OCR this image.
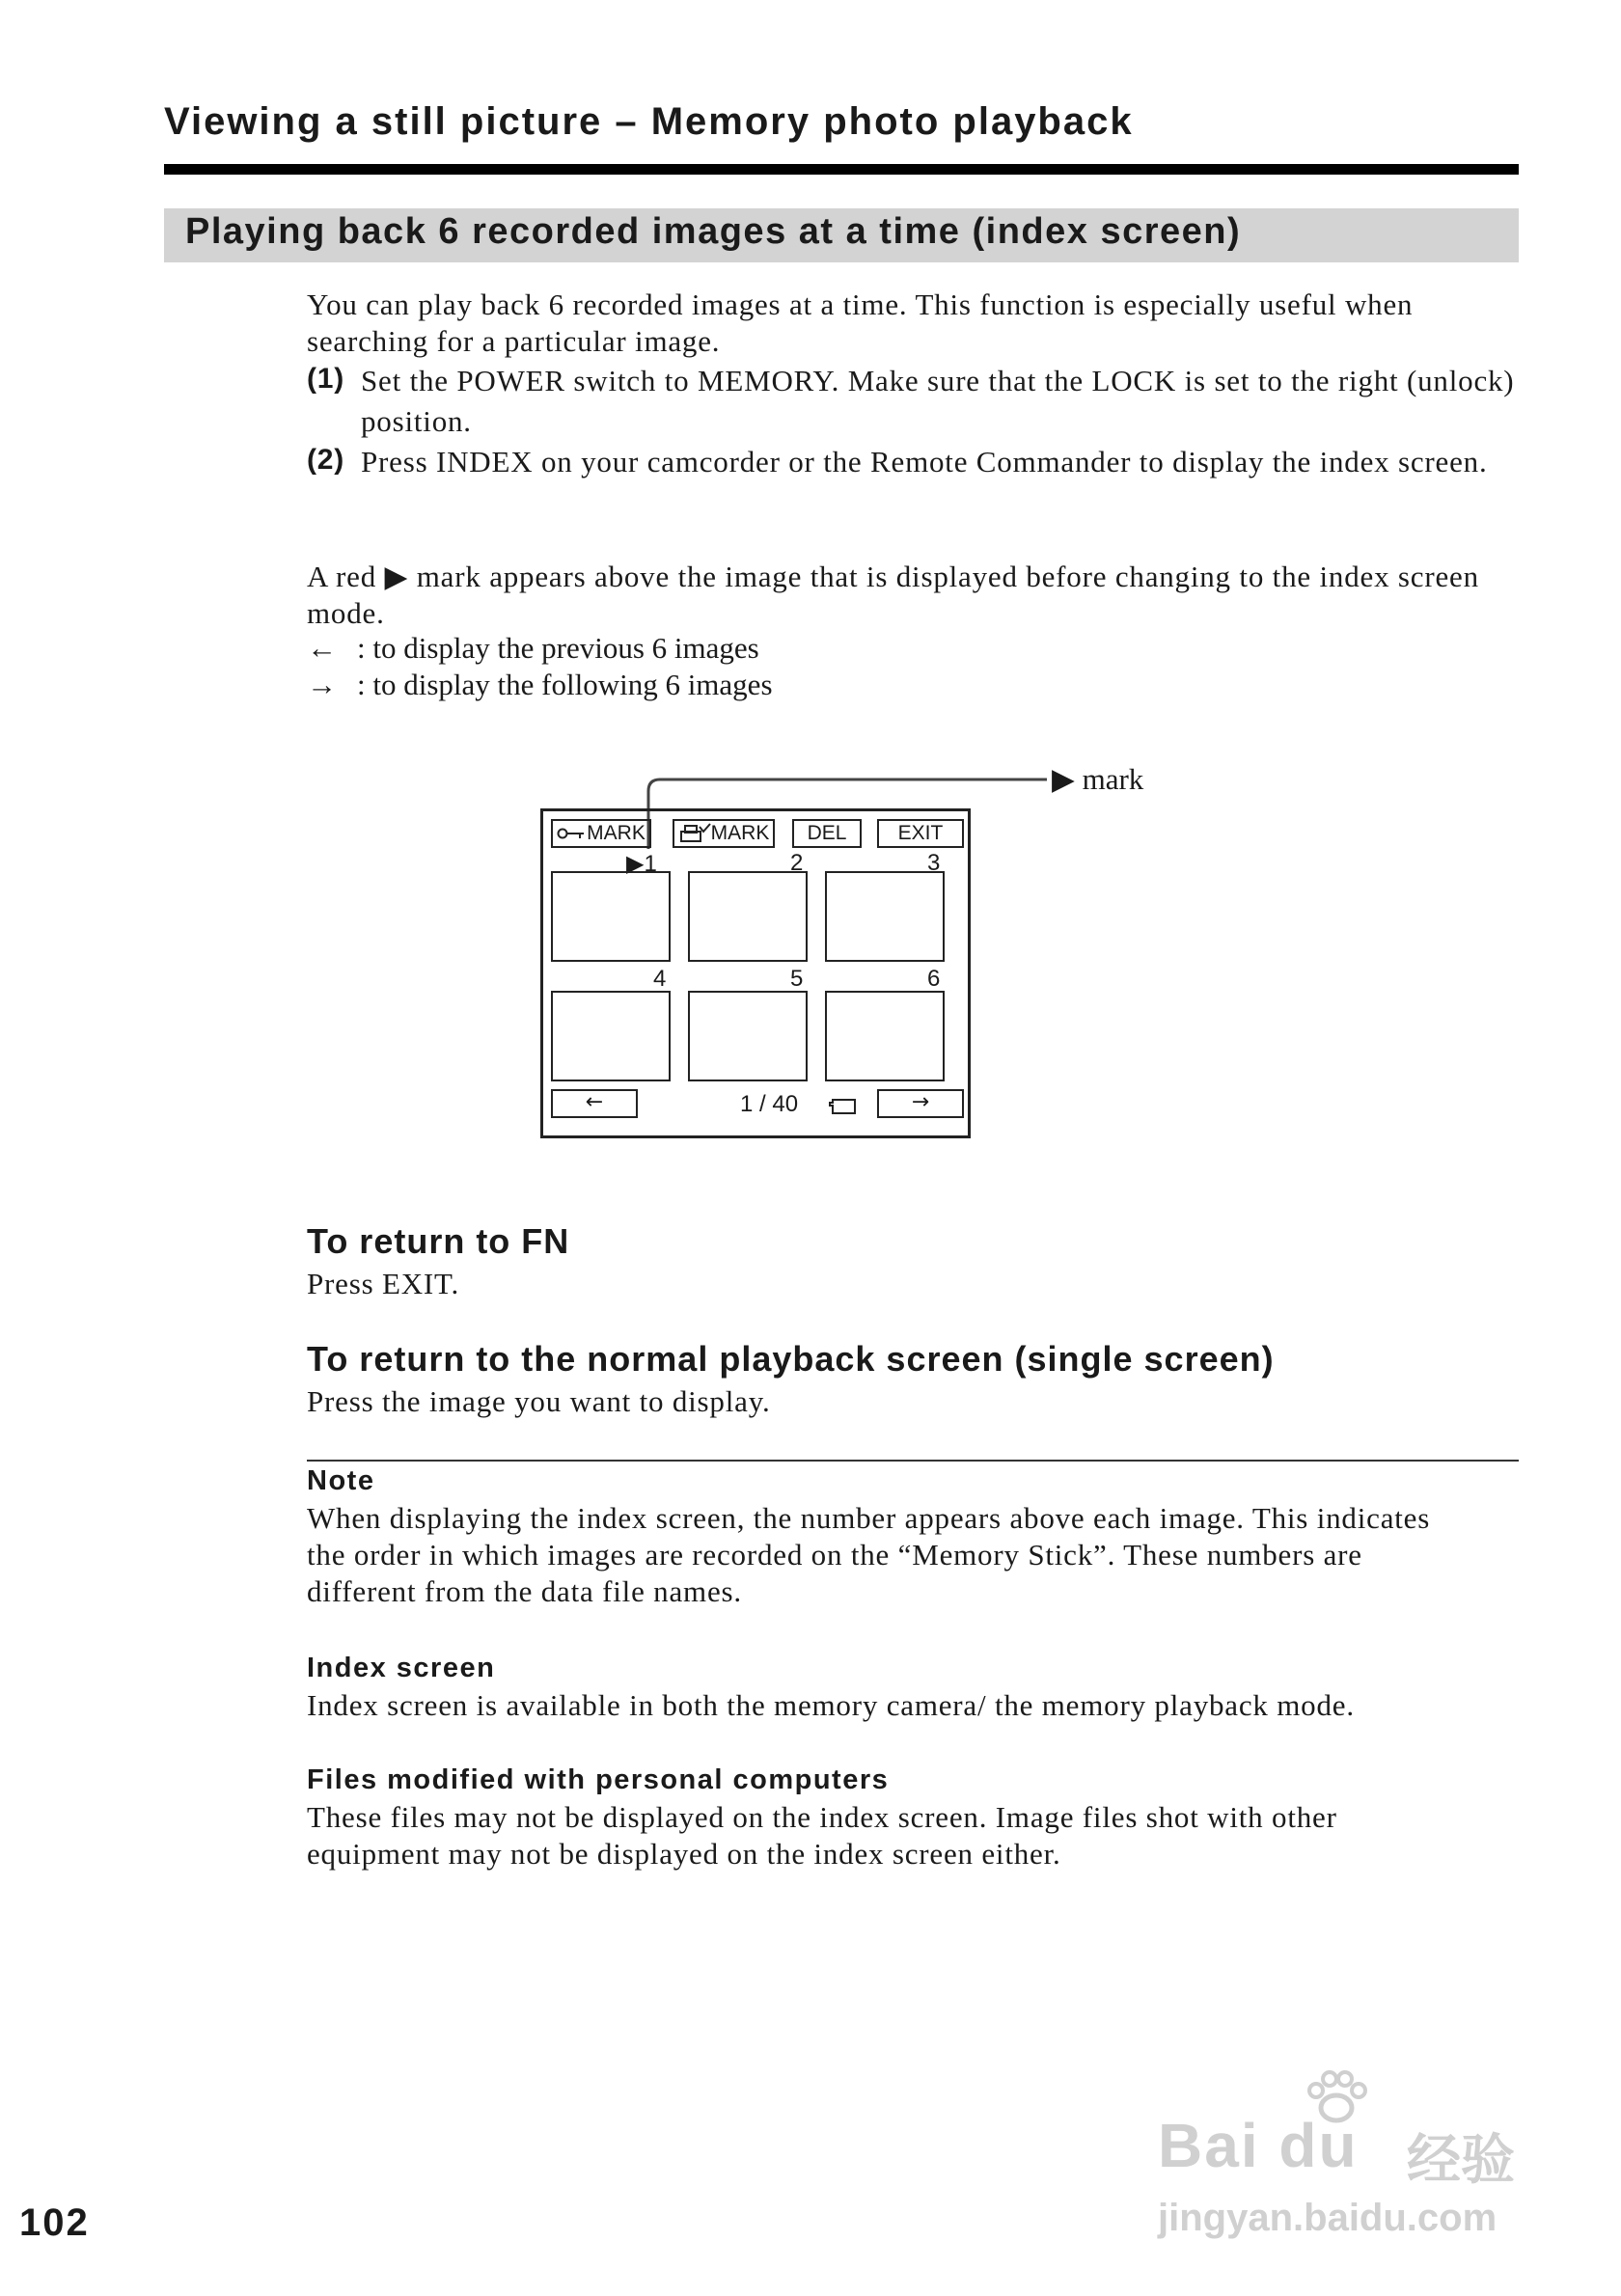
Viewing a still picture – Memory photo playback
Playing back 6 recorded images at a time (index screen)
You can play back 6 recorded images at a time. This function is especially useful when searching for a particular image.
(1) Set the POWER switch to MEMORY. Make sure that the LOCK is set to the right (unlock) position.
(2) Press INDEX on your camcorder or the Remote Commander to display the index screen.
A red ▶ mark appears above the image that is displayed before changing to the index screen mode.
← : to display the previous 6 images
→ : to display the following 6 images
▶ mark
MARK	MARK	DEL	EXIT
▶1	2	3
4	5	6
←	1 / 40	→
To return to FN
Press EXIT.
To return to the normal playback screen (single screen)
Press the image you want to display.
Note
When displaying the index screen, the number appears above each image. This indicates the order in which images are recorded on the “Memory Stick”. These numbers are different from the data file names.
Index screen
Index screen is available in both the memory camera/ the memory playback mode.
Files modified with personal computers
These files may not be displayed on the index screen. Image files shot with other equipment may not be displayed on the index screen either.
102
Bai du 经验
jingyan.baidu.com
